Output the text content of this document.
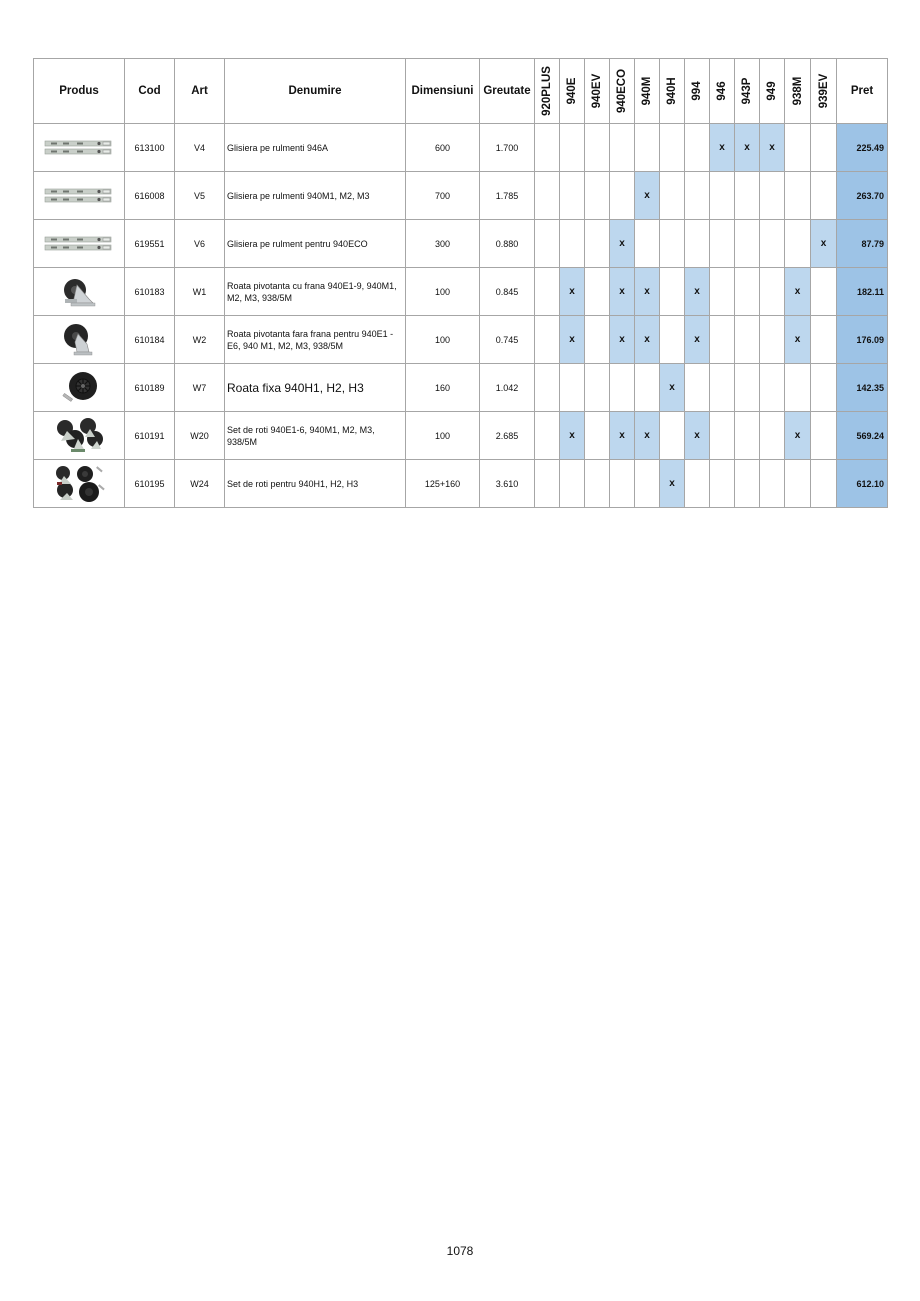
Produs	Cod	Art	Denumire	Dimensiuni	Greutate	920PLUS	940E	940EV	940ECO	940M	940H	994	946	943P	949	938M	939EV	Pret

	613100	V4	Glisiera pe rulmenti 946A	600	1.700								x	x	x			225.49

	616008	V5	Glisiera pe rulmenti 940M1, M2, M3	700	1.785					x								263.70

	619551	V6	Glisiera pe rulment pentru 940ECO	300	0.880				x								x	87.79

	610183	W1	Roata pivotanta cu frana 940E1-9, 940M1, M2, M3, 938/5M	100	0.845		x		x	x		x				x		182.11

	610184	W2	Roata pivotanta fara frana pentru 940E1 - E6, 940 M1, M2, M3, 938/5M	100	0.745		x		x	x		x				x		176.09

	610189	W7	Roata fixa 940H1, H2, H3	160	1.042						x							142.35

	610191	W20	Set de roti 940E1-6, 940M1, M2, M3, 938/5M	100	2.685		x		x	x		x				x		569.24

	610195	W24	Set de roti pentru 940H1, H2, H3	125+160	3.610						x							612.10
1078
